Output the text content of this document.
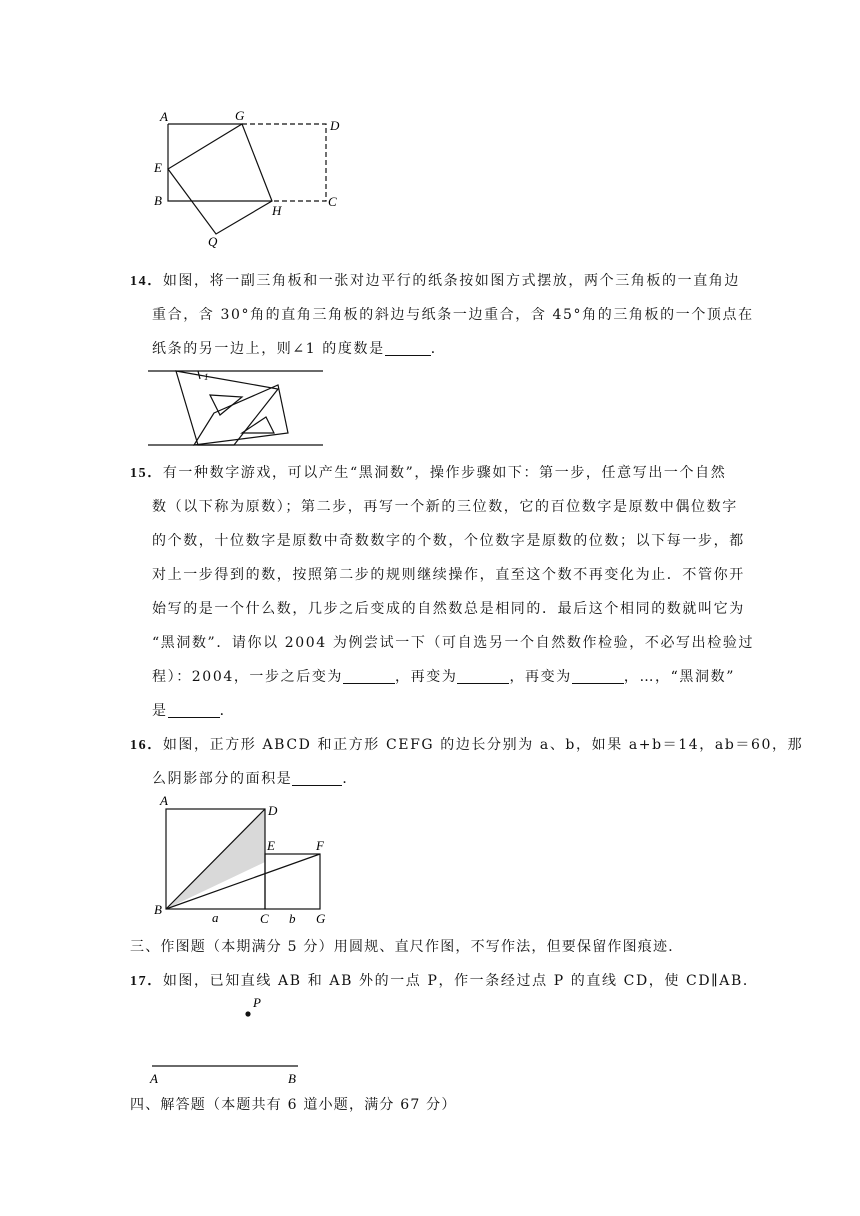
A	G
D
E
B
H
C
Q
14．如图，将一副三角板和一张对边平行的纸条按如图方式摆放，两个三角板的一直角边
重合，含 30°角的直角三角板的斜边与纸条一边重合，含 45°角的三角板的一个顶点在
纸条的另一边上，则∠1 的度数是	．
1
15．有一种数字游戏，可以产生“黑洞数”，操作步骤如下：第一步，任意写出一个自然
数（以下称为原数）；第二步，再写一个新的三位数，它的百位数字是原数中偶位数字
的个数，十位数字是原数中奇数数字的个数，个位数字是原数的位数；以下每一步，都
对上一步得到的数，按照第二步的规则继续操作，直至这个数不再变化为止．不管你开
始写的是一个什么数，几步之后变成的自然数总是相同的．最后这个相同的数就叫它为
“黑洞数”．请你以 2004 为例尝试一下（可自选另一个自然数作检验，不必写出检验过
程）：2004，一步之后变为	，再变为	，再变为	，…，“黑洞数”
是	．
16．如图，正方形 ABCD 和正方形 CEFG 的边长分别为 a、b，如果 a+b＝14，ab＝60，那
么阴影部分的面积是	．
A
D
E	F
B
a	C b G
三、作图题（本期满分 5 分）用圆规、直尺作图，不写作法，但要保留作图痕迹．
17．如图，已知直线 AB 和 AB 外的一点 P，作一条经过点 P 的直线 CD，使 CD∥AB．
P
A	B
四、解答题（本题共有 6 道小题，满分 67 分）
